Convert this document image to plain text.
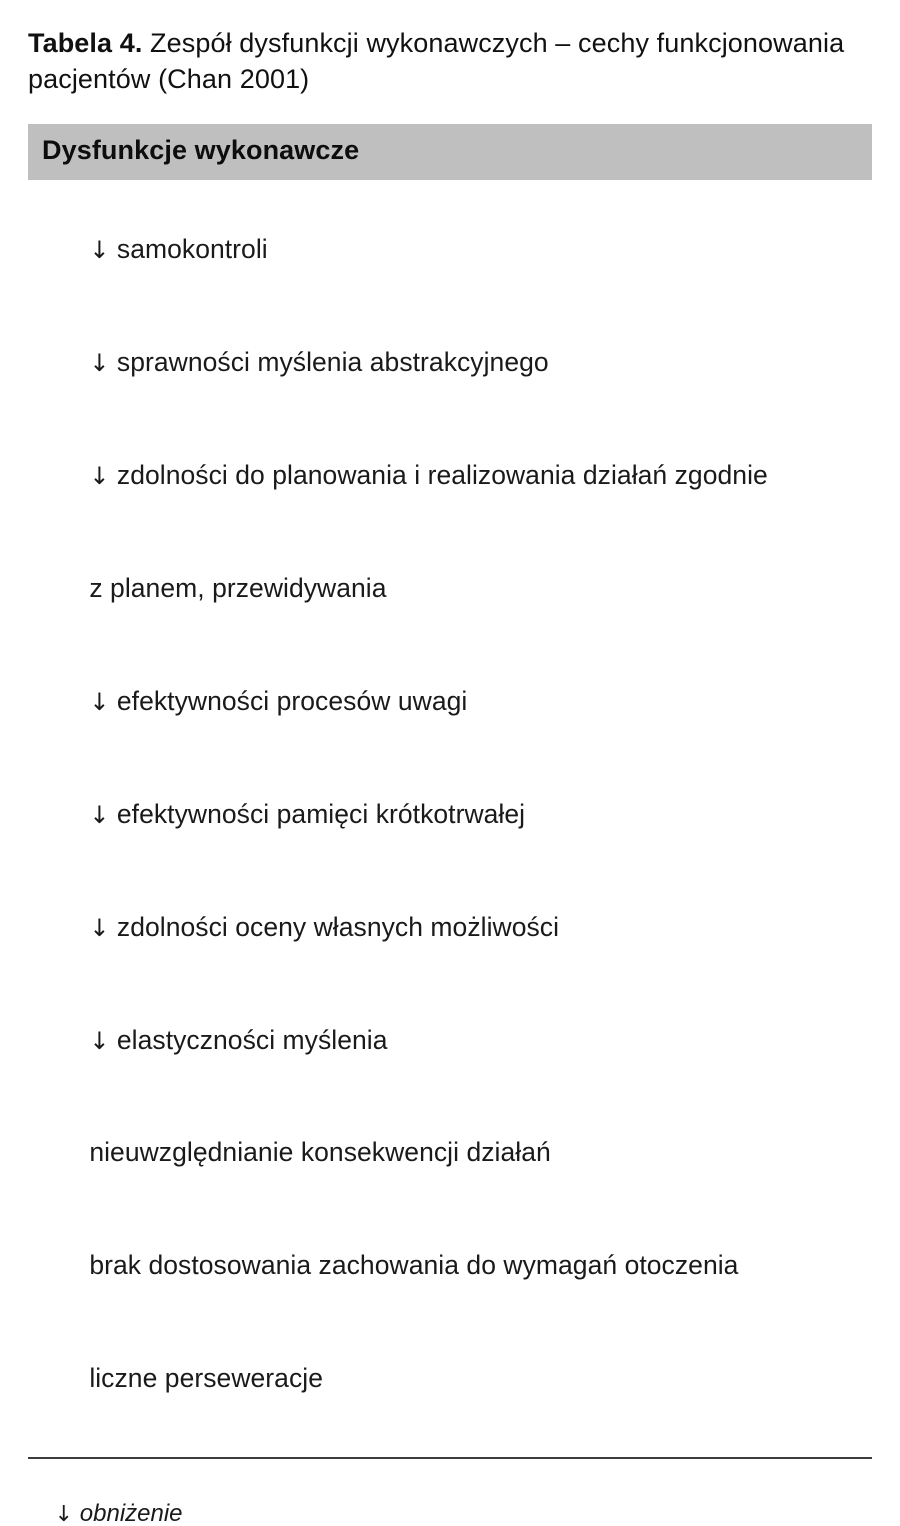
Tabela 4. Zespół dysfunkcji wykonawczych – cechy funkcjonowania pacjentów (Chan 2001)

Dysfunkcje wykonawcze

↓ samokontroli

↓ sprawności myślenia abstrakcyjnego

↓ zdolności do planowania i realizowania działań zgodnie

z planem, przewidywania

↓ efektywności procesów uwagi

↓ efektywności pamięci krótkotrwałej

↓ zdolności oceny własnych możliwości

↓ elastyczności myślenia

nieuwzględnianie konsekwencji działań

brak dostosowania zachowania do wymagań otoczenia

liczne perseweracje

↓ obniżenie
